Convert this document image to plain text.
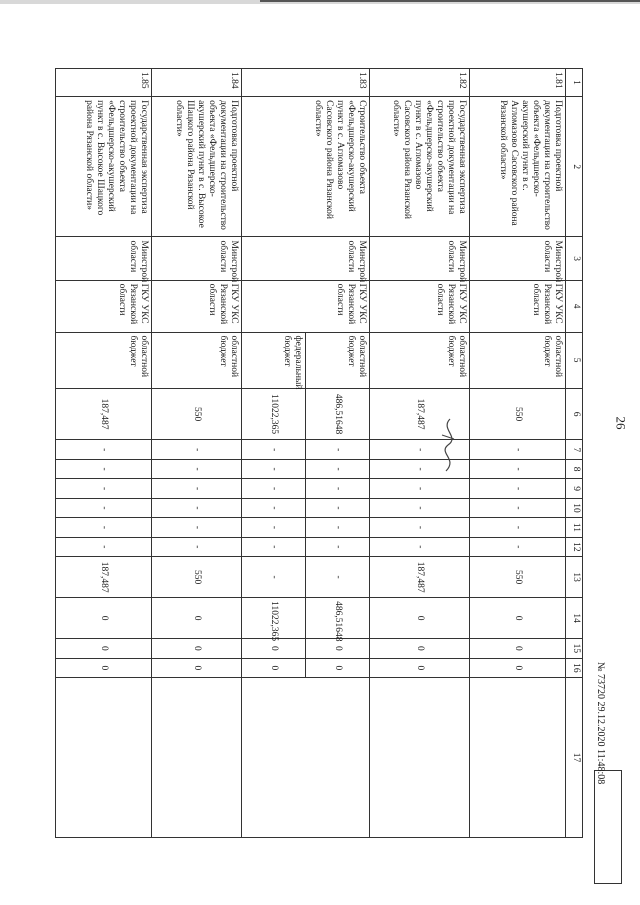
26
1	2	3	4	5	6	7	8	9	10	11	12	13	14	15	16	17
1.81	Подготовка проектной документации на строительство объекта «Фельдшерско-акушерский пункт в с. Агломазово Сасовского района Рязанской области»	Минстрой области	ГКУ УКС Рязанской области	областной бюджет	550	-	-	-	-	-	-	550	0	0	0	
1.82	Государственная экспертиза проектной документации на строительство объекта «Фельдшерско-акушерский пункт в с. Агломазово Сасовского района Рязанской области»	Минстрой области	ГКУ УКС Рязанской области	областной бюджет	187,487	-	-	-	-	-	-	187,487	0	0	0	
1.83	Строительство объекта «Фельдшерско-акушерский пункт в с. Агломазово Сасовского района Рязанской области»	Минстрой области	ГКУ УКС Рязанской области	областной бюджет	486,51648	-	-	-	-	-	-	-	486,51648	0	0	
				федеральный бюджет	11022,365	-	-	-	-	-	-	-	11022,365	0	0	
1.84	Подготовка проектной документации на строительство объекта «Фельдшерско-акушерский пункт в с. Высокое Шацкого района Рязанской области»	Минстрой области	ГКУ УКС Рязанской области	областной бюджет	550	-	-	-	-	-	-	550	0	0	0	
1.85	Государственная экспертиза проектной документации на строительство объекта «Фельдшерско-акушерский пункт в с. Высокое Шацкого района Рязанской области»	Минстрой области	ГКУ УКС Рязанской области	областной бюджет	187,487	-	-	-	-	-	-	187,487	0	0	0		№ 73720 29.12.2020 11:48:08
